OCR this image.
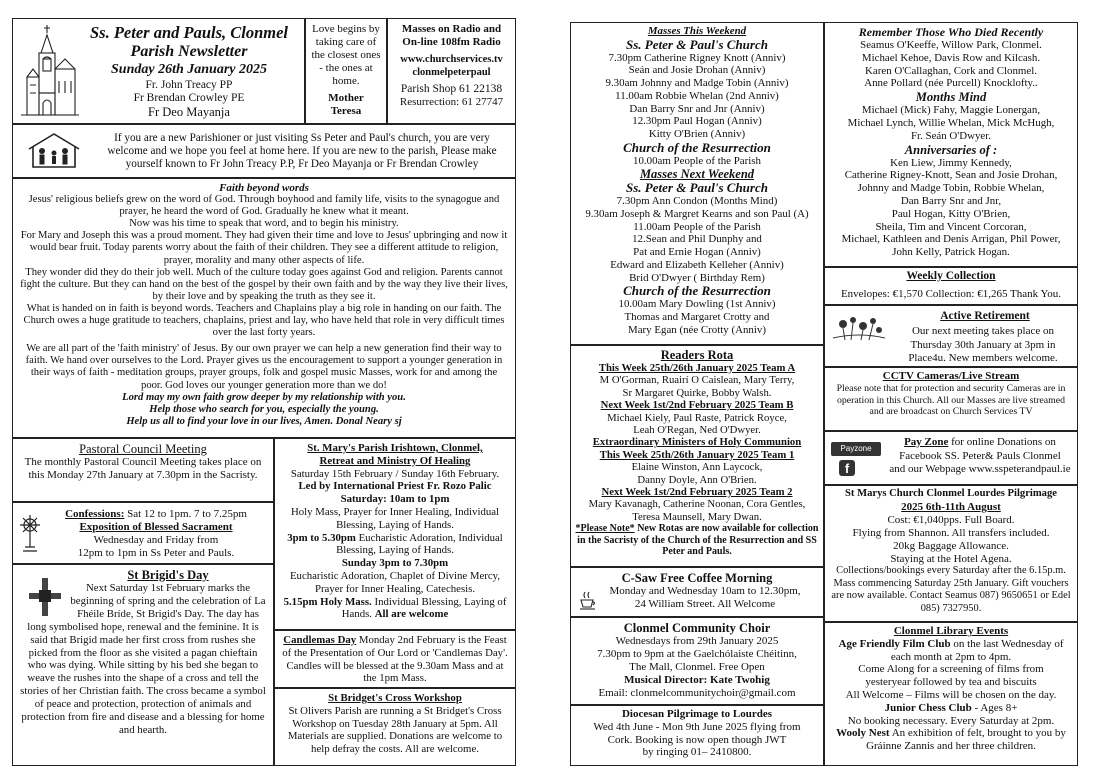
Ss. Peter and Pauls, Clonmel
Parish Newsletter
Sunday 26th January 2025
Fr. John Treacy PP
Fr Brendan Crowley PE
Fr Deo Mayanja
Love begins by taking care of the closest ones - the ones at home.
Mother Teresa
Masses on Radio and
On-line 108fm Radio
www.churchservices.tv
clonmelpeterpaul
Parish Shop 61 22138
Resurrection: 61 27747
If you are a new Parishioner or just visiting Ss Peter and Paul's church, you are very welcome and we hope you feel at home here. If you are new to the parish, Please make yourself known to Fr John Treacy P.P, Fr Deo Mayanja or Fr Brendan Crowley
Faith beyond words

Jesus' religious beliefs grew on the word of God. Through boyhood and family life, visits to the synagogue and prayer, he heard the word of God. Gradually he knew what it meant.

Now was his time to speak that word, and to begin his ministry.

For Mary and Joseph this was a proud moment. They had given their time and love to Jesus' upbringing and now it would bear fruit. Today parents worry about the faith of their children. They see a different attitude to religion, prayer, morality and many other aspects of life.

They wonder did they do their job well. Much of the culture today goes against God and religion. Parents cannot fight the culture. But they can hand on the best of the gospel by their own faith and by the way they live their lives, by their love and by speaking the truth as they see it.

What is handed on in faith is beyond words. Teachers and Chaplains play a big role in handing on our faith. The Church owes a huge gratitude to teachers, chaplains, priest and lay, who have held that role in very difficult times over the last forty years.

We are all part of the 'faith ministry' of Jesus. By our own prayer we can help a new generation find their way to faith. We hand over ourselves to the Lord. Prayer gives us the encouragement to support a younger generation in their ways of faith - meditation groups, prayer groups, folk and gospel music Masses, work for and among the poor. God loves our younger generation more than we do!

Lord may my own faith grow deeper by my relationship with you.

Help those who search for you, especially the young.

Help us all to find your love in our lives, Amen. Donal Neary sj

Pastoral Council Meeting
The monthly Pastoral Council Meeting takes place on this Monday 27th January at 7.30pm in the Sacristy.
Confessions: Sat 12 to 1pm. 7 to 7.25pm
Exposition of Blessed Sacrament
Wednesday and Friday from
12pm to 1pm in Ss Peter and Pauls.
St Brigid's Day
Next Saturday 1st February marks the beginning of spring and the celebration of La Fhéile Bríde, St Brigid's Day. The day has long symbolised hope, renewal and the feminine. It is said that Brigid made her first cross from rushes she picked from the floor as she visited a pagan chieftain who was dying. While sitting by his bed she began to weave the rushes into the shape of a cross and tell the stories of her Christian faith. The cross became a symbol of peace and protection, protection of animals and protection from fire and disease and a blessing for home and hearth.
St. Mary's Parish Irishtown, Clonmel,
Retreat and Ministry Of Healing
Saturday 15th February / Sunday 16th February.
Led by International Priest Fr. Rozo Palic
Saturday: 10am to 1pm
Holy Mass, Prayer for Inner Healing, Individual Blessing, Laying of Hands.
3pm to 5.30pm Eucharistic Adoration, Individual Blessing, Laying of Hands.
Sunday 3pm to 7.30pm
Eucharistic Adoration, Chaplet of Divine Mercy, Prayer for Inner Healing, Catechesis.
5.15pm Holy Mass. Individual Blessing, Laying of Hands. All are welcome
Candlemas Day Monday 2nd February is the Feast of the Presentation of Our Lord or 'Candlemas Day'. Candles will be blessed at the 9.30am Mass and at the 1pm Mass.
St Bridget's Cross Workshop
St Olivers Parish are running a St Bridget's Cross Workshop on Tuesday 28th January at 5pm. All Materials are supplied. Donations are welcome to help defray the costs. All are welcome.
Masses This Weekend
Ss. Peter & Paul's Church
7.30pm Catherine Rigney Knott (Anniv)
Seán and Josie Drohan (Anniv)
9.30am Johnny and Madge Tobin (Anniv)
11.00am Robbie Whelan (2nd Anniv)
Dan Barry Snr and Jnr (Anniv)
12.30pm Paul Hogan (Anniv)
Kitty O'Brien (Anniv)
Church of the Resurrection
10.00am People of the Parish
Masses Next Weekend
Ss. Peter & Paul's Church
7.30pm Ann Condon (Months Mind)
9.30am Joseph & Margret Kearns and son Paul (A)
11.00am People of the Parish
12.Sean and Phil Dunphy and
Pat and Ernie Hogan (Anniv)
Edward and Elizabeth Kelleher (Anniv)
Brid O'Dwyer ( Birthday Rem)
Church of the Resurrection
10.00am Mary Dowling (1st Anniv)
Thomas and Margaret Crotty and
Mary Egan (née Crotty (Anniv)
Readers Rota
This Week 25th/26th January 2025 Team A
M O'Gorman, Ruairí O Caislean, Mary Terry,
Sr Margaret Quirke, Bobby Walsh.
Next Week 1st/2nd February 2025 Team B
Michael Kiely, Paul Raste, Patrick Royce,
Leah O'Regan, Ned O'Dwyer.
Extraordinary Ministers of Holy Communion
This Week 25th/26th January 2025 Team 1
Elaine Winston, Ann Laycock,
Danny Doyle, Ann O'Brien.
Next Week 1st/2nd February 2025 Team 2
Mary Kavanagh, Catherine Noonan, Cora Gentles,
Teresa Maunsell, Mary Dwan.
*Please Note* New Rotas are now available for collection in the Sacristy of the Church of the Resurrection and SS Peter and Pauls.
C-Saw Free Coffee Morning
Monday and Wednesday 10am to 12.30pm,
24 William Street. All Welcome
Clonmel Community Choir
Wednesdays from 29th January 2025
7.30pm to 9pm at the Gaelchólaiste Chéitinn,
The Mall, Clonmel. Free Open
Musical Director: Kate Twohig
Email: clonmelcommunitychoir@gmail.com
Diocesan Pilgrimage to Lourdes
Wed 4th June - Mon 9th June 2025 flying from
Cork. Booking is now open though JWT
by ringing 01– 2410800.
Remember Those Who Died Recently
Seamus O'Keeffe, Willow Park, Clonmel.
Michael Kehoe, Davis Row and Kilcash.
Karen O'Callaghan, Cork and Clonmel.
Anne Pollard (née Purcell) Knocklofty..
Months Mind
Michael (Mick) Fahy, Maggie Lonergan,
Michael Lynch, Willie Whelan, Mick McHugh,
Fr. Seán O'Dwyer.
Anniversaries of :
Ken Liew, Jimmy Kennedy,
Catherine Rigney-Knott, Sean and Josie Drohan,
Johnny and Madge Tobin, Robbie Whelan,
Dan Barry Snr and Jnr,
Paul Hogan, Kitty O'Brien,
Sheila, Tim and Vincent Corcoran,
Michael, Kathleen and Denis Arrigan, Phil Power,
John Kelly, Patrick Hogan.
Weekly Collection
Envelopes: €1,570 Collection: €1,265 Thank You.
Active Retirement
Our next meeting takes place on Thursday 30th January at 3pm in Place4u. New members welcome.
CCTV Cameras/Live Stream
Please note that for protection and security Cameras are in operation in this Church. All our Masses are live streamed and are broadcast on Church Services TV
Payzone
f
Pay Zone for online Donations on
Facebook SS. Peter& Pauls Clonmel
and our Webpage www.sspeterandpaul.ie
St Marys Church Clonmel Lourdes Pilgrimage
2025 6th-11th August
Cost: €1,040pps. Full Board.
Flying from Shannon. All transfers included.
20kg Baggage Allowance.
Staying at the Hotel Agena.
Collections/bookings every Saturday after the 6.15p.m. Mass commencing Saturday 25th January. Gift vouchers are now available. Contact Seamus 087) 9650651 or Edel 085) 7327950.
Clonmel Library Events
Age Friendly Film Club on the last Wednesday of each month at 2pm to 4pm.
Come Along for a screening of films from
yesteryear followed by tea and biscuits
All Welcome – Films will be chosen on the day.
Junior Chess Club - Ages 8+
No booking necessary. Every Saturday at 2pm.
Wooly Nest An exhibition of felt, brought to you by Gráinne Zannis and her three children.
